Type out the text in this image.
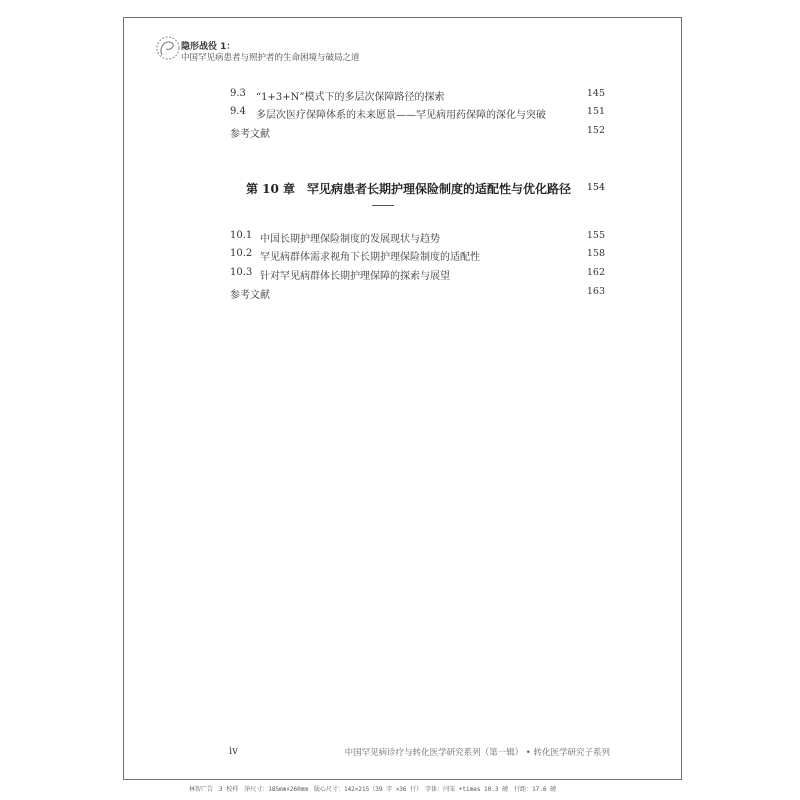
隐形战役 1：
中国罕见病患者与照护者的生命困境与破局之道
9.3 “1+3+N”模式下的多层次保障路径的探索	145
9.4 多层次医疗保障体系的未来愿景——罕见病用药保障的深化与突破	151
参考文献	152
第 10 章　罕见病患者长期护理保险制度的适配性与优化路径 154
10.1 中国长期护理保险制度的发展现状与趋势	155
10.2 罕见病群体需求视角下长期护理保险制度的适配性	158
10.3 针对罕见病群体长期护理保障的探索与展望	162
参考文献	163
iv	中国罕见病诊疗与转化医学研究系列（第一辑） • 转化医学研究子系列
林智广告　3 校样　净尺寸：185mm×260mm　版心尺寸：142×215（39 字 ×36 行）　字体：闫宋 +times 10.3 磅　行距：17.6 磅
